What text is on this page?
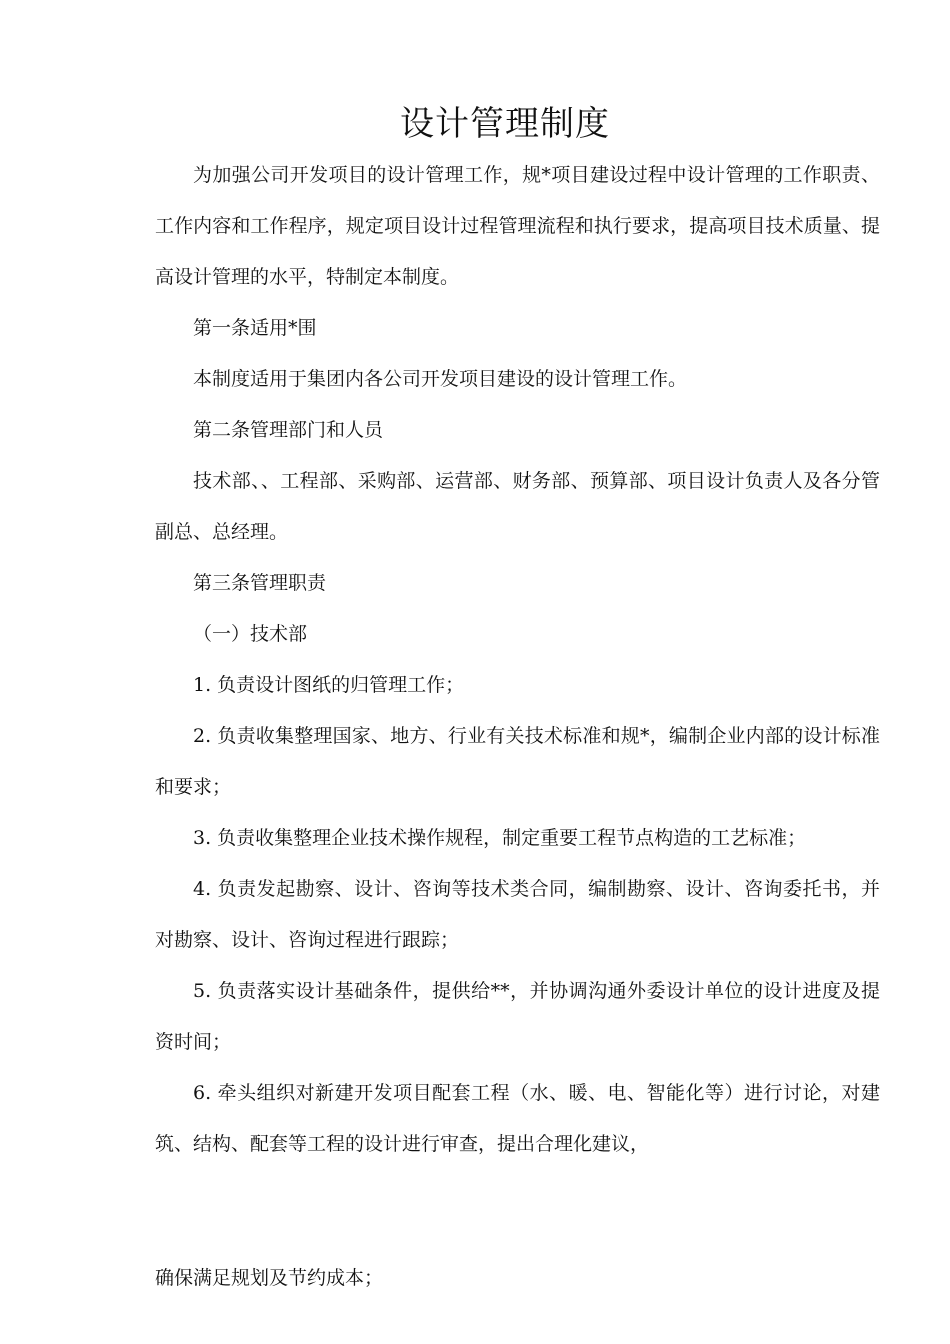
设计管理制度

为加强公司开发项目的设计管理工作，规*项目建设过程中设计管理的工作职责、工作内容和工作程序，规定项目设计过程管理流程和执行要求，提高项目技术质量、提高设计管理的水平，特制定本制度。

第一条适用*围

本制度适用于集团内各公司开发项目建设的设计管理工作。

第二条管理部门和人员

技术部、、工程部、采购部、运营部、财务部、预算部、项目设计负责人及各分管副总、总经理。

第三条管理职责

（一）技术部

1. 负责设计图纸的归管理工作；

2. 负责收集整理国家、地方、行业有关技术标准和规*，编制企业内部的设计标准和要求；

3. 负责收集整理企业技术操作规程，制定重要工程节点构造的工艺标准；

4. 负责发起勘察、设计、咨询等技术类合同，编制勘察、设计、咨询委托书，并对勘察、设计、咨询过程进行跟踪；

5. 负责落实设计基础条件，提供给**，并协调沟通外委设计单位的设计进度及提资时间；

6. 牵头组织对新建开发项目配套工程（水、暖、电、智能化等）进行讨论，对建筑、结构、配套等工程的设计进行审查，提出合理化建议，

确保满足规划及节约成本；
